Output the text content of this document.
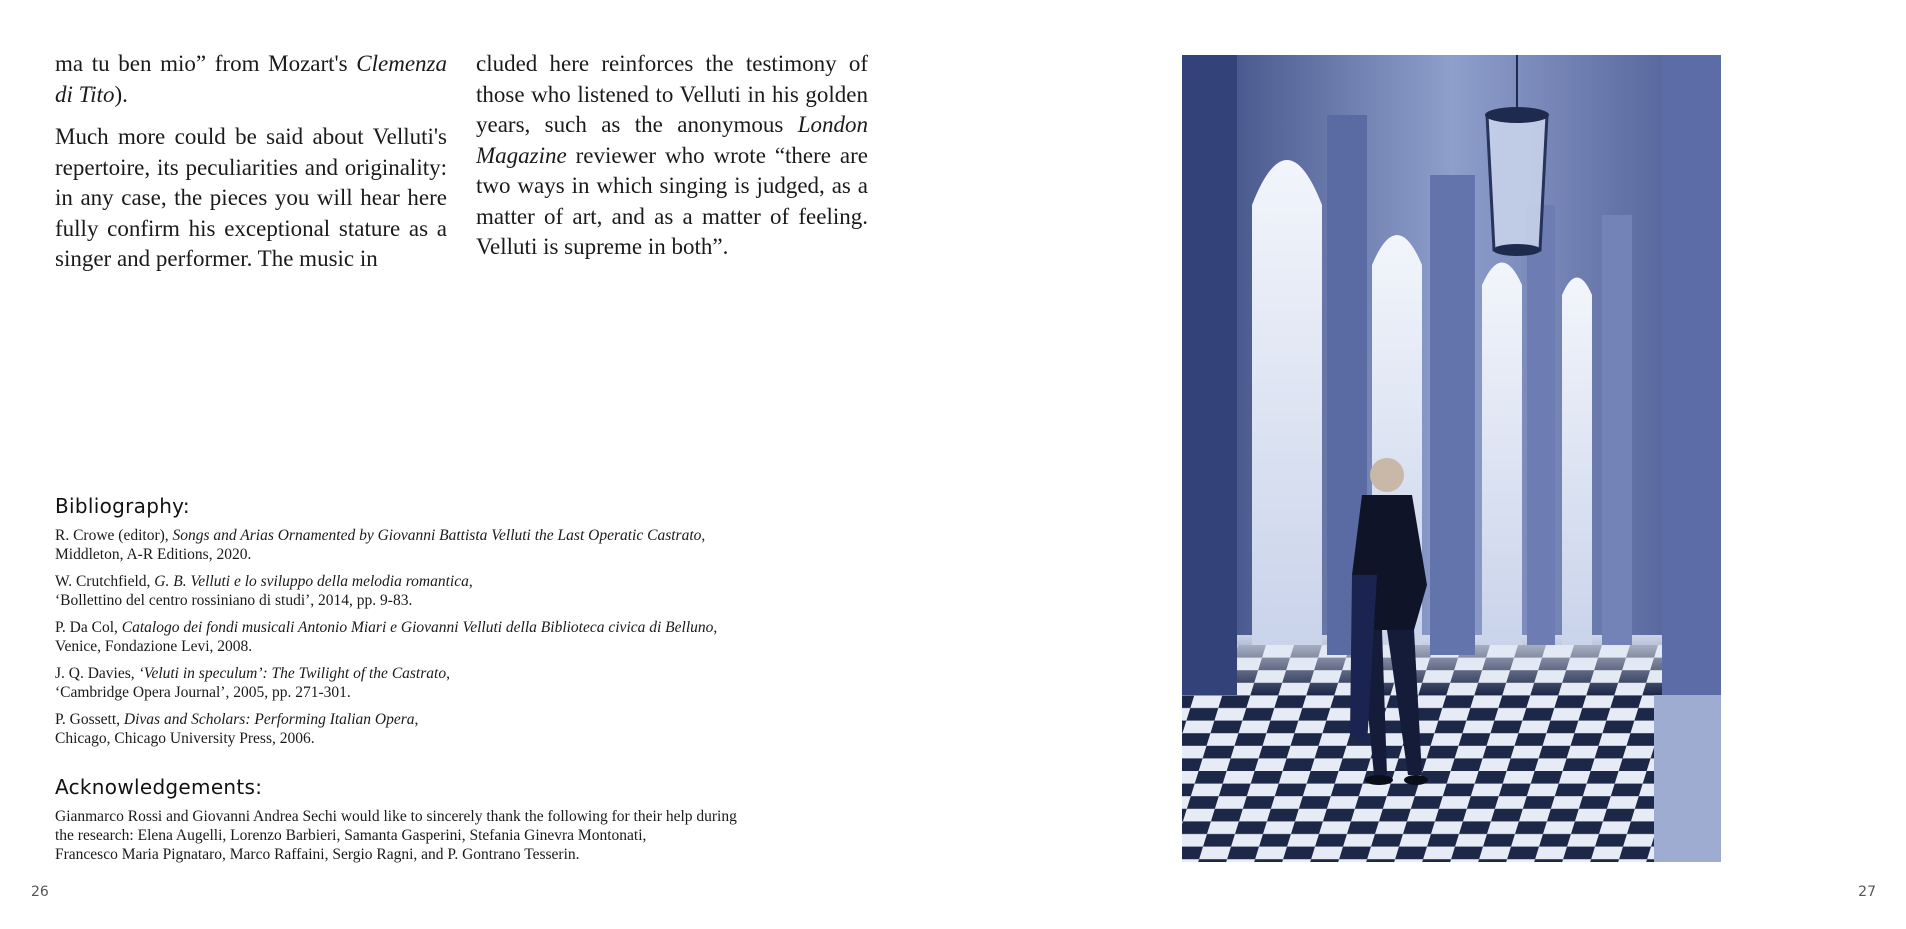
ma tu ben mio” from Mozart's Clemenza di Tito).

Much more could be said about Velluti's repertoire, its peculiarities and originality: in any case, the pieces you will hear here fully confirm his exceptional stature as a singer and performer. The music in

cluded here reinforces the testimony of those who listened to Velluti in his golden years, such as the anonymous London Magazine reviewer who wrote “there are two ways in which singing is judged, as a matter of art, and as a matter of feeling. Velluti is supreme in both”.

Bibliography:
R. Crowe (editor), Songs and Arias Ornamented by Giovanni Battista Velluti the Last Operatic Castrato,
Middleton, A-R Editions, 2020.
W. Crutchfield, G. B. Velluti e lo sviluppo della melodia romantica,
‘Bollettino del centro rossiniano di studi’, 2014, pp. 9-83.
P. Da Col, Catalogo dei fondi musicali Antonio Miari e Giovanni Velluti della Biblioteca civica di Belluno,
Venice, Fondazione Levi, 2008.
J. Q. Davies, ‘Veluti in speculum’: The Twilight of the Castrato,
‘Cambridge Opera Journal’, 2005, pp. 271-301.
P. Gossett, Divas and Scholars: Performing Italian Opera,
Chicago, Chicago University Press, 2006.
Acknowledgements:

Gianmarco Rossi and Giovanni Andrea Sechi would like to sincerely thank the following for their help during
the research: Elena Augelli, Lorenzo Barbieri, Samanta Gasperini, Stefania Ginevra Montonati,
Francesco Maria Pignataro, Marco Raffaini, Sergio Ragni, and P. Gontrano Tesserin.

26	27
